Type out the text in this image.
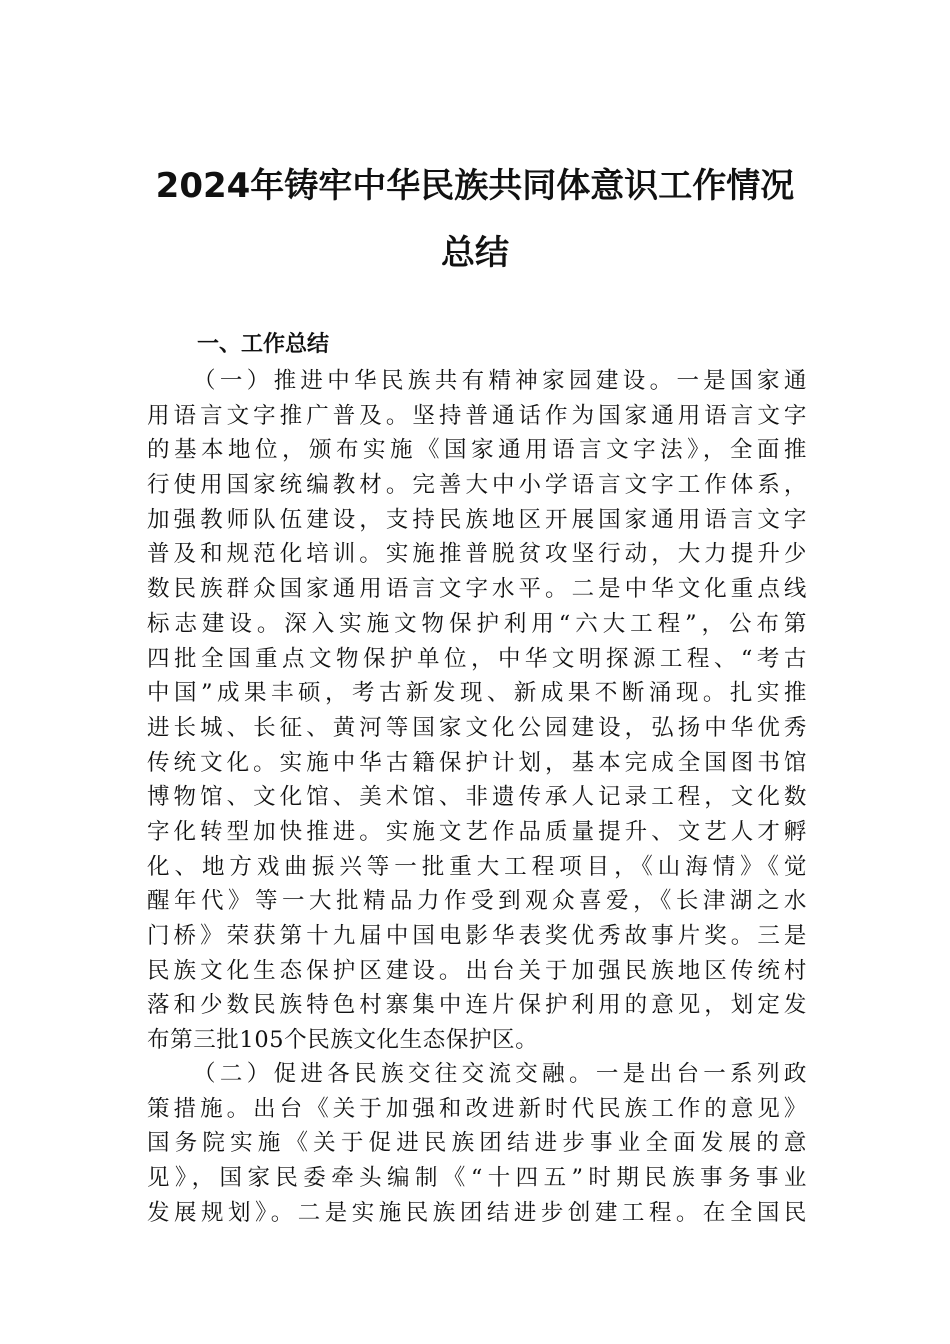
2024年铸牢中华民族共同体意识工作情况
总结
一、工作总结
（一）推进中华民族共有精神家园建设。一是国家通
用语言文字推广普及。坚持普通话作为国家通用语言文字
的基本地位，颁布实施《国家通用语言文字法》，全面推
行使用国家统编教材。完善大中小学语言文字工作体系，
加强教师队伍建设，支持民族地区开展国家通用语言文字
普及和规范化培训。实施推普脱贫攻坚行动，大力提升少
数民族群众国家通用语言文字水平。二是中华文化重点线
标志建设。深入实施文物保护利用“六大工程”，公布第
四批全国重点文物保护单位，中华文明探源工程、“考古
中国”成果丰硕，考古新发现、新成果不断涌现。扎实推
进长城、长征、黄河等国家文化公园建设，弘扬中华优秀
传统文化。实施中华古籍保护计划，基本完成全国图书馆
博物馆、文化馆、美术馆、非遗传承人记录工程，文化数
字化转型加快推进。实施文艺作品质量提升、文艺人才孵
化、地方戏曲振兴等一批重大工程项目，《山海情》《觉
醒年代》等一大批精品力作受到观众喜爱，《长津湖之水
门桥》荣获第十九届中国电影华表奖优秀故事片奖。三是
民族文化生态保护区建设。出台关于加强民族地区传统村
落和少数民族特色村寨集中连片保护利用的意见，划定发
布第三批105个民族文化生态保护区。
（二）促进各民族交往交流交融。一是出台一系列政
策措施。出台《关于加强和改进新时代民族工作的意见》
国务院实施《关于促进民族团结进步事业全面发展的意
见》，国家民委牵头编制《“十四五”时期民族事务事业
发展规划》。二是实施民族团结进步创建工程。在全国民
